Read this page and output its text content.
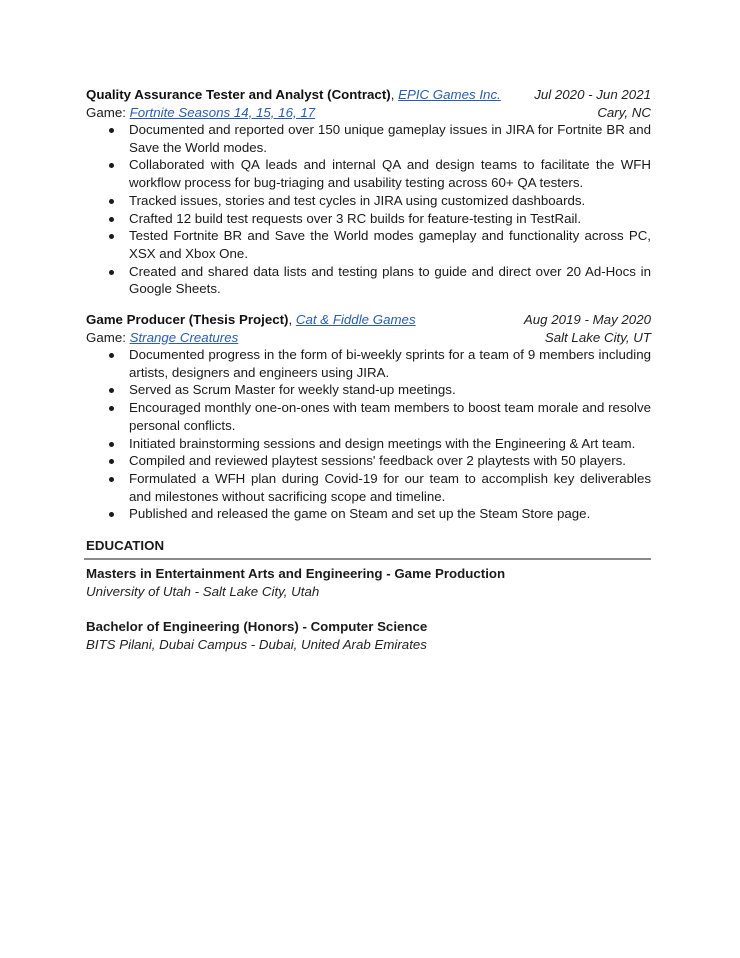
Quality Assurance Tester and Analyst (Contract), EPIC Games Inc.	Jul 2020 - Jun 2021
Game: Fortnite Seasons 14, 15, 16, 17	Cary, NC
Documented and reported over 150 unique gameplay issues in JIRA for Fortnite BR and Save the World modes.
Collaborated with QA leads and internal QA and design teams to facilitate the WFH workflow process for bug-triaging and usability testing across 60+ QA testers.
Tracked issues, stories and test cycles in JIRA using customized dashboards.
Crafted 12 build test requests over 3 RC builds for feature-testing in TestRail.
Tested Fortnite BR and Save the World modes gameplay and functionality across PC, XSX and Xbox One.
Created and shared data lists and testing plans to guide and direct over 20 Ad-Hocs in Google Sheets.
Game Producer (Thesis Project), Cat & Fiddle Games	Aug 2019 - May 2020
Game: Strange Creatures	Salt Lake City, UT
Documented progress in the form of bi-weekly sprints for a team of 9 members including artists, designers and engineers using JIRA.
Served as Scrum Master for weekly stand-up meetings.
Encouraged monthly one-on-ones with team members to boost team morale and resolve personal conflicts.
Initiated brainstorming sessions and design meetings with the Engineering & Art team.
Compiled and reviewed playtest sessions' feedback over 2 playtests with 50 players.
Formulated a WFH plan during Covid-19 for our team to accomplish key deliverables and milestones without sacrificing scope and timeline.
Published and released the game on Steam and set up the Steam Store page.
EDUCATION
Masters in Entertainment Arts and Engineering - Game Production
University of Utah - Salt Lake City, Utah
Bachelor of Engineering (Honors) - Computer Science
BITS Pilani, Dubai Campus - Dubai, United Arab Emirates
